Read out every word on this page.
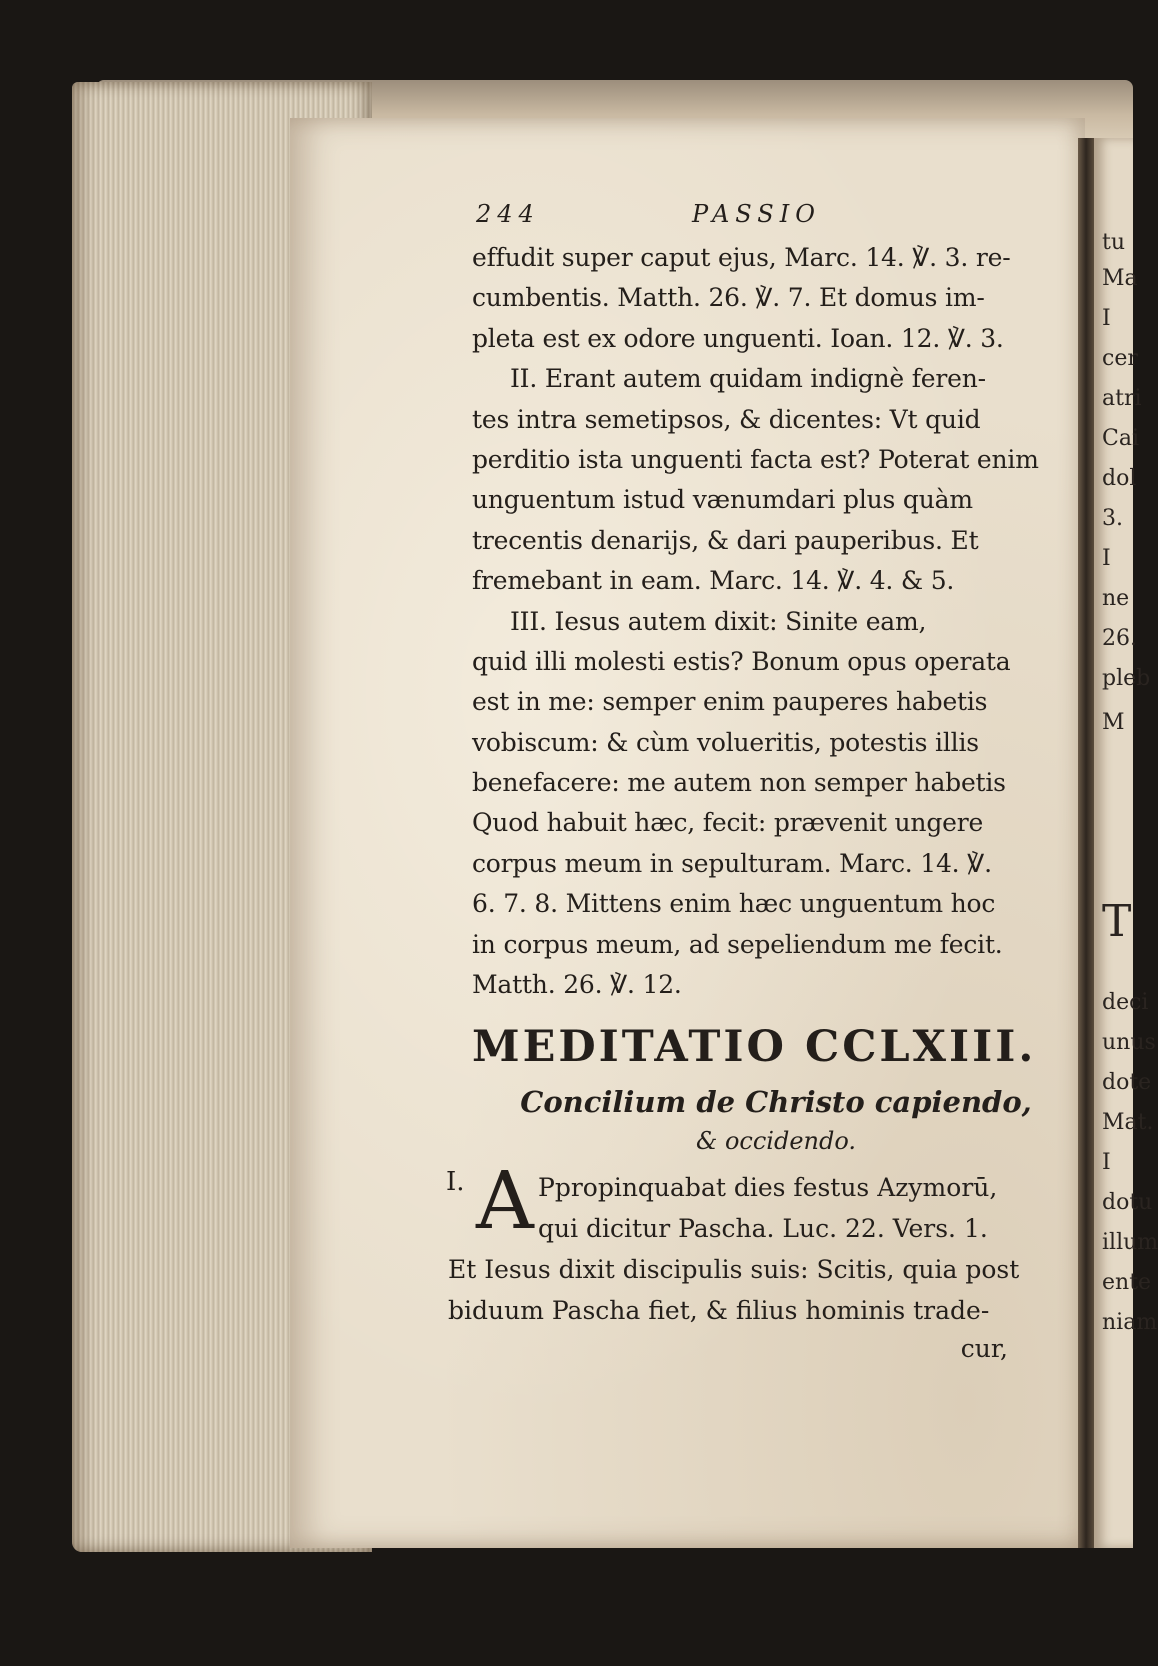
tu
Ma
I
cer
atri
Cai
dol
3.
I
ne
26.
pleb
M
T
deci
unus
dote
Mat.
I
dotu
illum
ente
niam
244	PASSIO
effudit super caput ejus, Marc. 14. ℣. 3. re-
cumbentis. Matth. 26. ℣. 7. Et domus im-
pleta est ex odore unguenti. Ioan. 12. ℣. 3.
II. Erant autem quidam indignè feren-
tes intra semetipsos, & dicentes: Vt quid
perditio ista unguenti facta est? Poterat enim
unguentum istud vænumdari plus quàm
trecentis denarijs, & dari pauperibus. Et
fremebant in eam. Marc. 14. ℣. 4. & 5.
III. Iesus autem dixit: Sinite eam,
quid illi molesti estis? Bonum opus operata
est in me: semper enim pauperes habetis
vobiscum: & cùm volueritis, potestis illis
benefacere: me autem non semper habetis
Quod habuit hæc, fecit: prævenit ungere
corpus meum in sepulturam. Marc. 14. ℣.
6. 7. 8. Mittens enim hæc unguentum hoc
in corpus meum, ad sepeliendum me fecit.
Matth. 26. ℣. 12.
MEDITATIO CCLXIII.
Concilium de Christo capiendo,
& occidendo.
I. A Ppropinquabat dies festus Azymorū,
qui dicitur Pascha. Luc. 22. Vers. 1.
Et Iesus dixit discipulis suis: Scitis, quia post
biduum Pascha fiet, & filius hominis trade-
cur,
